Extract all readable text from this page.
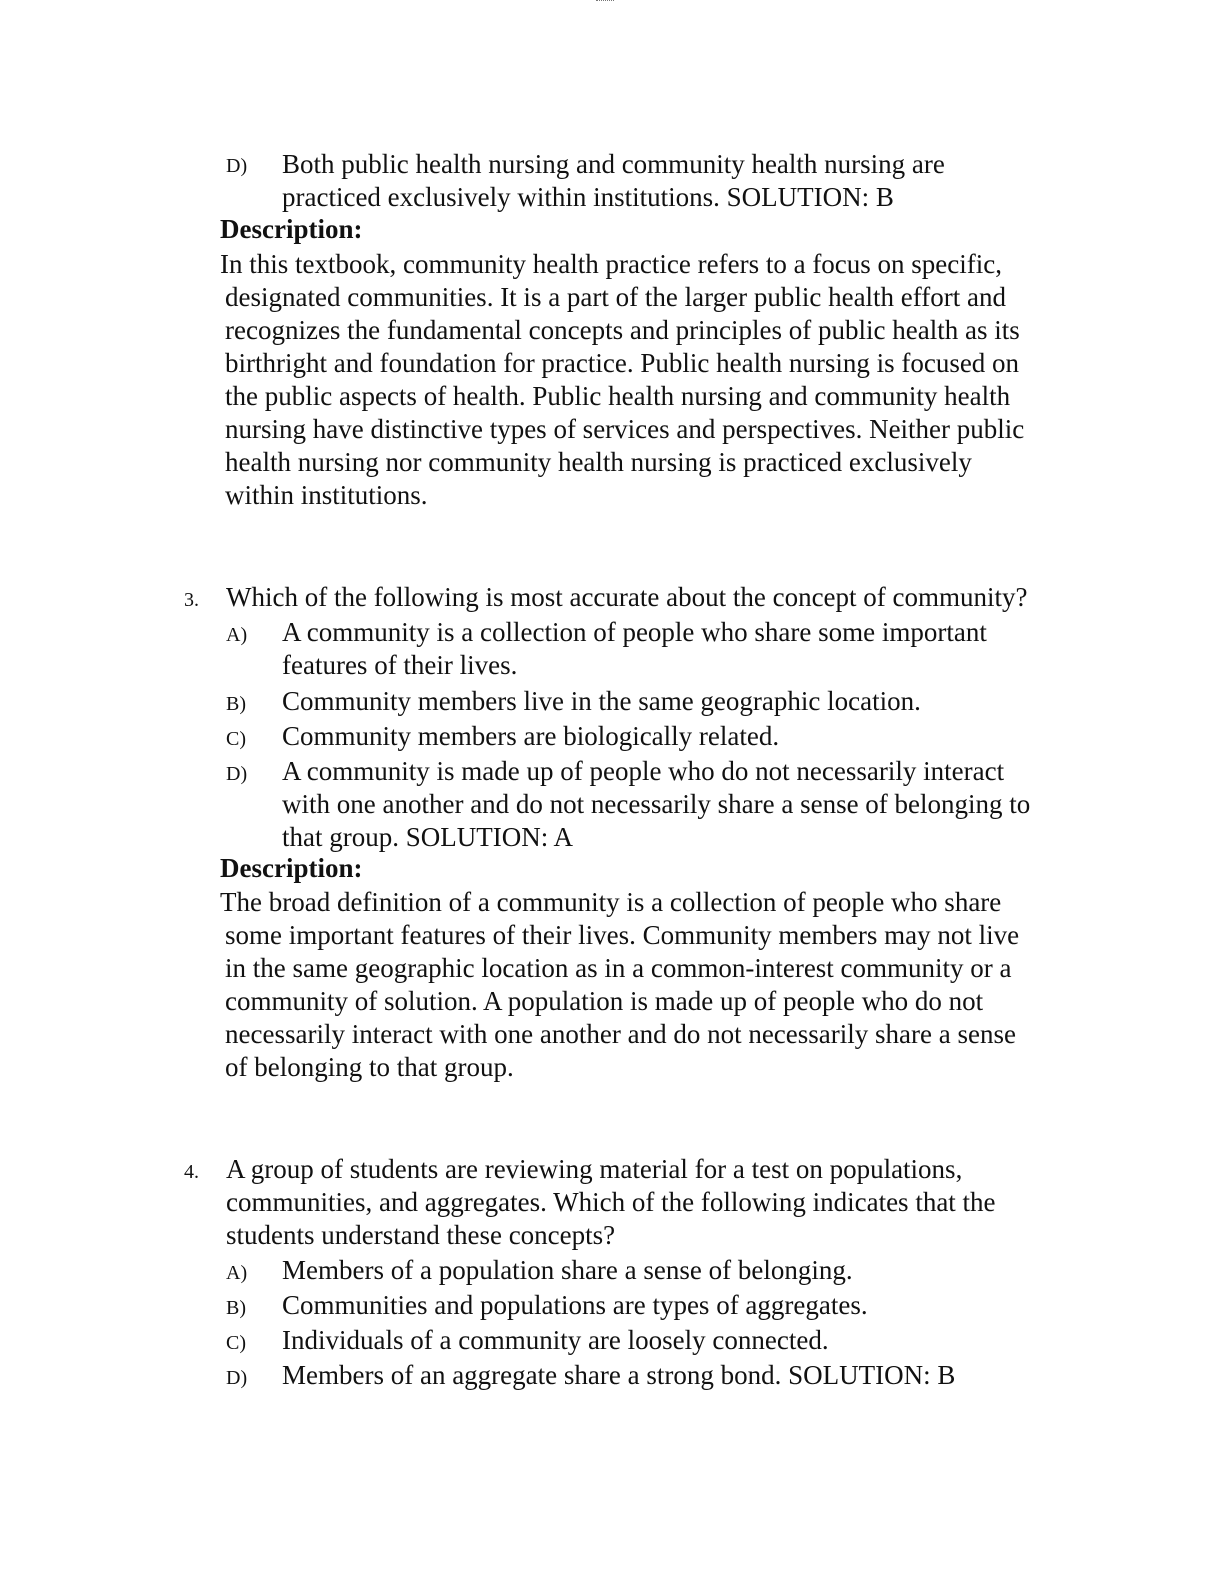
D) Both public health nursing and community health nursing are
practiced exclusively within institutions. SOLUTION: B
Description:
In this textbook, community health practice refers to a focus on specific,
designated communities. It is a part of the larger public health effort and
recognizes the fundamental concepts and principles of public health as its
birthright and foundation for practice. Public health nursing is focused on
the public aspects of health. Public health nursing and community health
nursing have distinctive types of services and perspectives. Neither public
health nursing nor community health nursing is practiced exclusively
within institutions.
3. Which of the following is most accurate about the concept of community?
A) A community is a collection of people who share some important
features of their lives.
B) Community members live in the same geographic location.
C) Community members are biologically related.
D) A community is made up of people who do not necessarily interact
with one another and do not necessarily share a sense of belonging to
that group. SOLUTION: A
Description:
The broad definition of a community is a collection of people who share
some important features of their lives. Community members may not live
in the same geographic location as in a common-interest community or a
community of solution. A population is made up of people who do not
necessarily interact with one another and do not necessarily share a sense
of belonging to that group.
4. A group of students are reviewing material for a test on populations,
communities, and aggregates. Which of the following indicates that the
students understand these concepts?
A) Members of a population share a sense of belonging.
B) Communities and populations are types of aggregates.
C) Individuals of a community are loosely connected.
D) Members of an aggregate share a strong bond. SOLUTION: B
